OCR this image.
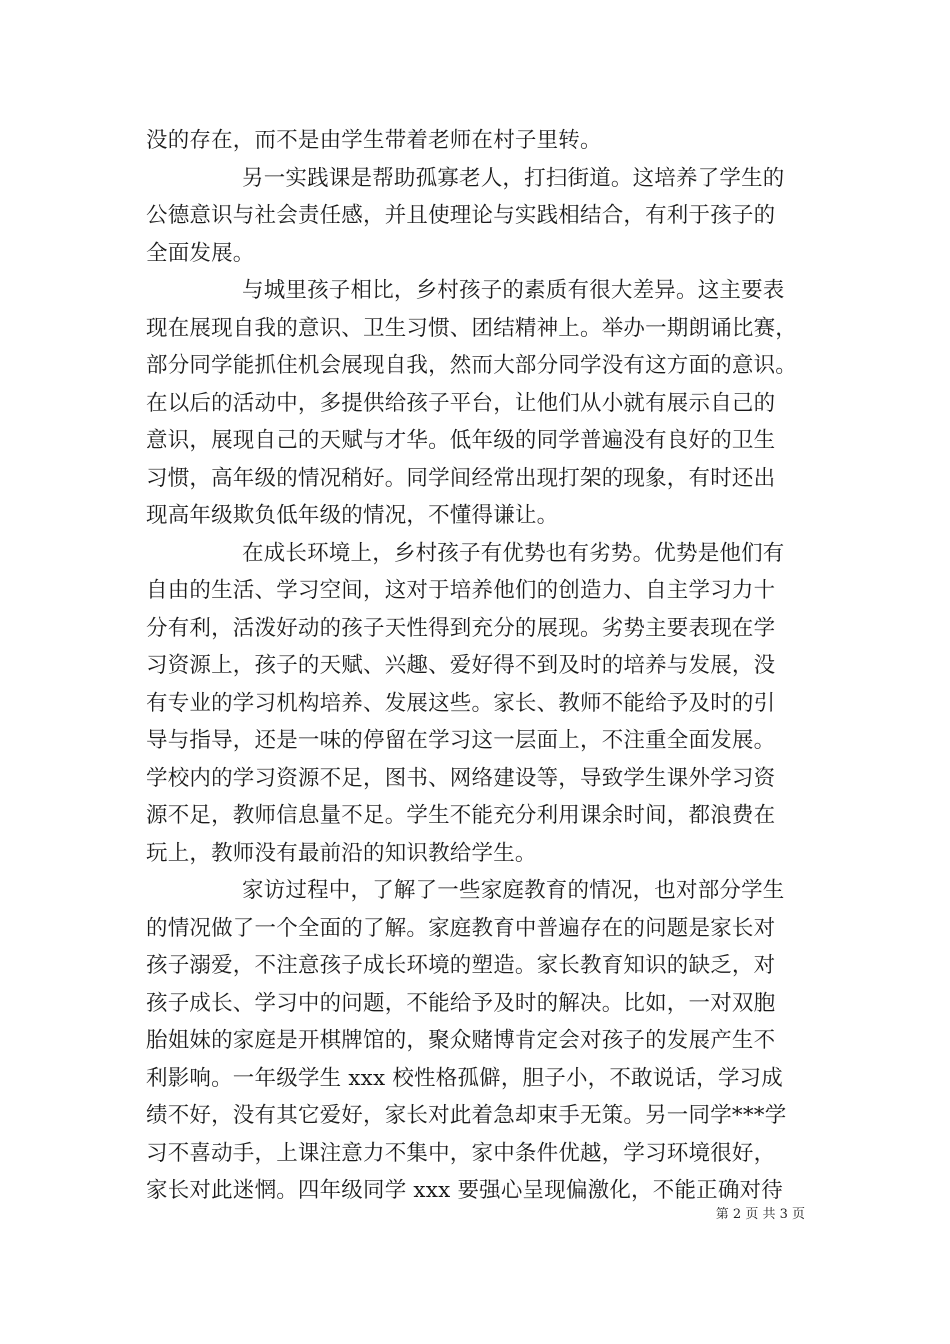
没的存在，而不是由学生带着老师在村子里转。
另一实践课是帮助孤寡老人，打扫街道。这培养了学生的
公德意识与社会责任感，并且使理论与实践相结合，有利于孩子的
全面发展。
与城里孩子相比，乡村孩子的素质有很大差异。这主要表
现在展现自我的意识、卫生习惯、团结精神上。举办一期朗诵比赛，
部分同学能抓住机会展现自我，然而大部分同学没有这方面的意识。
在以后的活动中，多提供给孩子平台，让他们从小就有展示自己的
意识，展现自己的天赋与才华。低年级的同学普遍没有良好的卫生
习惯，高年级的情况稍好。同学间经常出现打架的现象，有时还出
现高年级欺负低年级的情况，不懂得谦让。
在成长环境上，乡村孩子有优势也有劣势。优势是他们有
自由的生活、学习空间，这对于培养他们的创造力、自主学习力十
分有利，活泼好动的孩子天性得到充分的展现。劣势主要表现在学
习资源上，孩子的天赋、兴趣、爱好得不到及时的培养与发展，没
有专业的学习机构培养、发展这些。家长、教师不能给予及时的引
导与指导，还是一味的停留在学习这一层面上，不注重全面发展。
学校内的学习资源不足，图书、网络建设等，导致学生课外学习资
源不足，教师信息量不足。学生不能充分利用课余时间，都浪费在
玩上，教师没有最前沿的知识教给学生。
家访过程中，了解了一些家庭教育的情况，也对部分学生
的情况做了一个全面的了解。家庭教育中普遍存在的问题是家长对
孩子溺爱，不注意孩子成长环境的塑造。家长教育知识的缺乏，对
孩子成长、学习中的问题，不能给予及时的解决。比如，一对双胞
胎姐妹的家庭是开棋牌馆的，聚众赌博肯定会对孩子的发展产生不
利影响。一年级学生 xxx 校性格孤僻，胆子小，不敢说话，学习成
绩不好，没有其它爱好，家长对此着急却束手无策。另一同学***学
习不喜动手，上课注意力不集中，家中条件优越，学习环境很好，
家长对此迷惘。四年级同学 xxx 要强心呈现偏激化，不能正确对待
第 2 页 共 3 页
